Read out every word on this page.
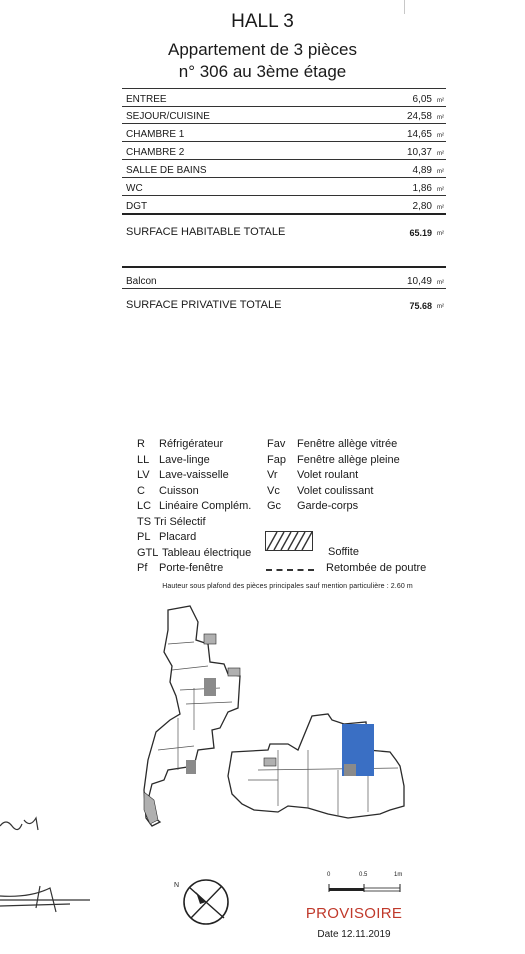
HALL 3
Appartement de 3 pièces
n° 306 au 3ème étage
ENTREE	6,05 m²
SEJOUR/CUISINE	24,58 m²
CHAMBRE 1	14,65 m²
CHAMBRE 2	10,37 m²
SALLE DE BAINS	4,89 m²
WC	1,86 m²
DGT	2,80 m²
SURFACE HABITABLE TOTALE	65.19 m²
Balcon	10,49 m²
SURFACE PRIVATIVE TOTALE	75.68 m²
R Réfrigérateur
LL Lave-linge
LV Lave-vaisselle
C Cuisson
LC Linéaire Complém.
TS Tri Sélectif
PL Placard
GTL Tableau électrique
Pf Porte-fenêtre
Fav Fenêtre allège vitrée
Fap Fenêtre allège pleine
Vr Volet roulant
Vc Volet coulissant
Gc Garde-corps
Soffite
Retombée de poutre
Hauteur sous plafond des pièces principales sauf mention particulière : 2.60 m
N
0	0.5	1m
PROVISOIRE
Date 12.11.2019
